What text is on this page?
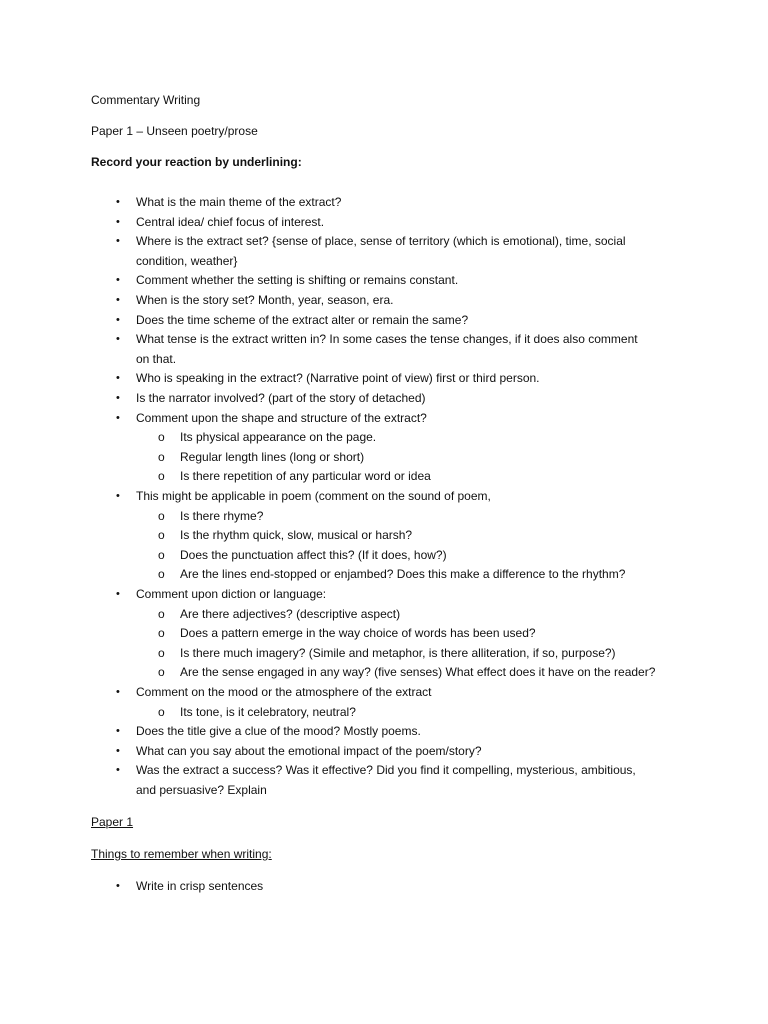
Commentary Writing
Paper 1 – Unseen poetry/prose
Record your reaction by underlining:
• What is the main theme of the extract?
• Central idea/ chief focus of interest.
• Where is the extract set? {sense of place, sense of territory (which is emotional), time, social
condition, weather}
• Comment whether the setting is shifting or remains constant.
• When is the story set? Month, year, season, era.
• Does the time scheme of the extract alter or remain the same?
• What tense is the extract written in? In some cases the tense changes, if it does also comment
on that.
• Who is speaking in the extract? (Narrative point of view) first or third person.
• Is the narrator involved? (part of the story of detached)
• Comment upon the shape and structure of the extract?
o Its physical appearance on the page.
o Regular length lines (long or short)
o Is there repetition of any particular word or idea
• This might be applicable in poem (comment on the sound of poem,
o Is there rhyme?
o Is the rhythm quick, slow, musical or harsh?
o Does the punctuation affect this? (If it does, how?)
o Are the lines end-stopped or enjambed? Does this make a difference to the rhythm?
• Comment upon diction or language:
o Are there adjectives? (descriptive aspect)
o Does a pattern emerge in the way choice of words has been used?
o Is there much imagery? (Simile and metaphor, is there alliteration, if so, purpose?)
o Are the sense engaged in any way? (five senses) What effect does it have on the reader?
• Comment on the mood or the atmosphere of the extract
o Its tone, is it celebratory, neutral?
• Does the title give a clue of the mood? Mostly poems.
• What can you say about the emotional impact of the poem/story?
• Was the extract a success? Was it effective? Did you find it compelling, mysterious, ambitious,
and persuasive? Explain
Paper 1
Things to remember when writing:
• Write in crisp sentences
